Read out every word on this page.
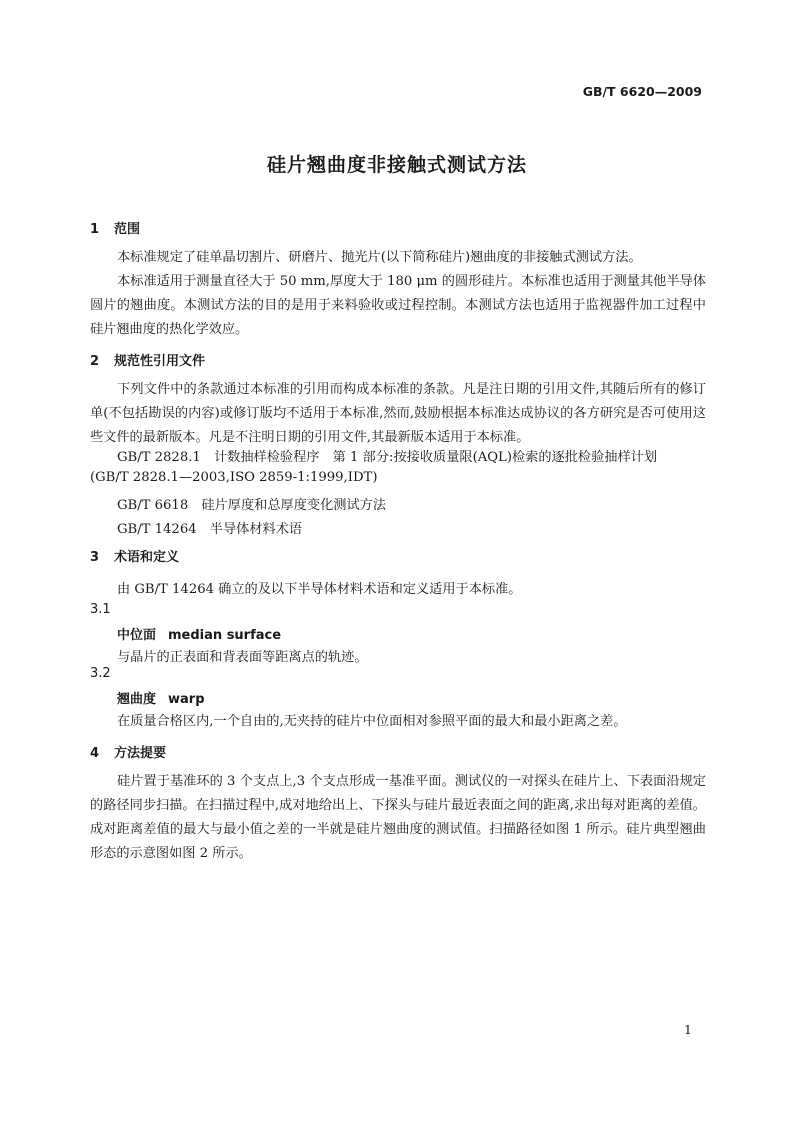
GB/T 6620—2009
硅片翘曲度非接触式测试方法
1 范围
本标准规定了硅单晶切割片、研磨片、抛光片(以下简称硅片)翘曲度的非接触式测试方法。
本标准适用于测量直径大于 50 mm,厚度大于 180 μm 的圆形硅片。本标准也适用于测量其他半导体圆片的翘曲度。本测试方法的目的是用于来料验收或过程控制。本测试方法也适用于监视器件加工过程中硅片翘曲度的热化学效应。
2 规范性引用文件
下列文件中的条款通过本标准的引用而构成本标准的条款。凡是注日期的引用文件,其随后所有的修订单(不包括勘误的内容)或修订版均不适用于本标准,然而,鼓励根据本标准达成协议的各方研究是否可使用这些文件的最新版本。凡是不注明日期的引用文件,其最新版本适用于本标准。
GB/T 2828.1　计数抽样检验程序　第 1 部分:按接收质量限(AQL)检索的逐批检验抽样计划
(GB/T 2828.1—2003,ISO 2859-1:1999,IDT)
GB/T 6618　硅片厚度和总厚度变化测试方法
GB/T 14264　半导体材料术语
3 术语和定义
由 GB/T 14264 确立的及以下半导体材料术语和定义适用于本标准。
3.1
中位面 median surface
与晶片的正表面和背表面等距离点的轨迹。
3.2
翘曲度 warp
在质量合格区内,一个自由的,无夹持的硅片中位面相对参照平面的最大和最小距离之差。
4 方法提要
硅片置于基准环的 3 个支点上,3 个支点形成一基准平面。测试仪的一对探头在硅片上、下表面沿规定的路径同步扫描。在扫描过程中,成对地给出上、下探头与硅片最近表面之间的距离,求出每对距离的差值。成对距离差值的最大与最小值之差的一半就是硅片翘曲度的测试值。扫描路径如图 1 所示。硅片典型翘曲形态的示意图如图 2 所示。
1
